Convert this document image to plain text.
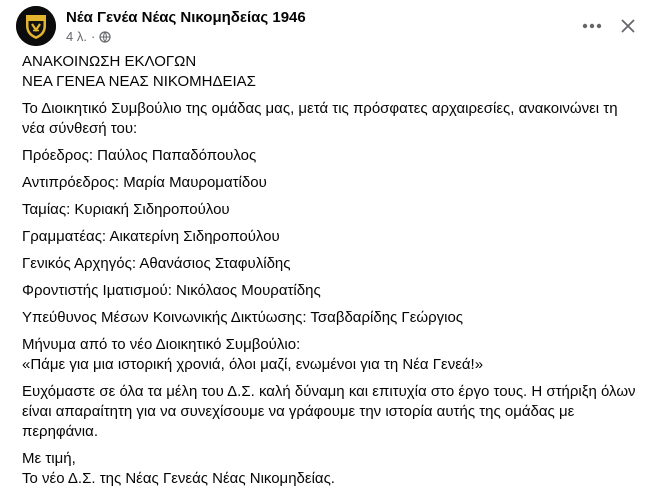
Νέα Γενέα Νέας Νικομηδείας 1946
4 λ. ·

ΑΝΑΚΟΙΝΩΣΗ ΕΚΛΟΓΩΝ

ΝΕΑ ΓΕΝΕΑ ΝΕΑΣ ΝΙΚΟΜΗΔΕΙΑΣ

Το Διοικητικό Συμβούλιο της ομάδας μας, μετά τις πρόσφατες αρχαιρεσίες, ανακοινώνει τη νέα σύνθεσή του:

Πρόεδρος: Παύλος Παπαδόπουλος

Αντιπρόεδρος: Μαρία Μαυροματίδου

Ταμίας: Κυριακή Σιδηροπούλου

Γραμματέας: Αικατερίνη Σιδηροπούλου

Γενικός Αρχηγός: Αθανάσιος Σταφυλίδης

Φροντιστής Ιματισμού: Νικόλαος Μουρατίδης

Υπεύθυνος Μέσων Κοινωνικής Δικτύωσης: Τσαβδαρίδης Γεώργιος

Μήνυμα από το νέο Διοικητικό Συμβούλιο:

«Πάμε για μια ιστορική χρονιά, όλοι μαζί, ενωμένοι για τη Νέα Γενεά!»

Ευχόμαστε σε όλα τα μέλη του Δ.Σ. καλή δύναμη και επιτυχία στο έργο τους. Η στήριξη όλων είναι απαραίτητη για να συνεχίσουμε να γράφουμε την ιστορία αυτής της ομάδας με περηφάνια.

Με τιμή,

Το νέο Δ.Σ. της Νέας Γενεάς Νέας Νικομηδείας.
